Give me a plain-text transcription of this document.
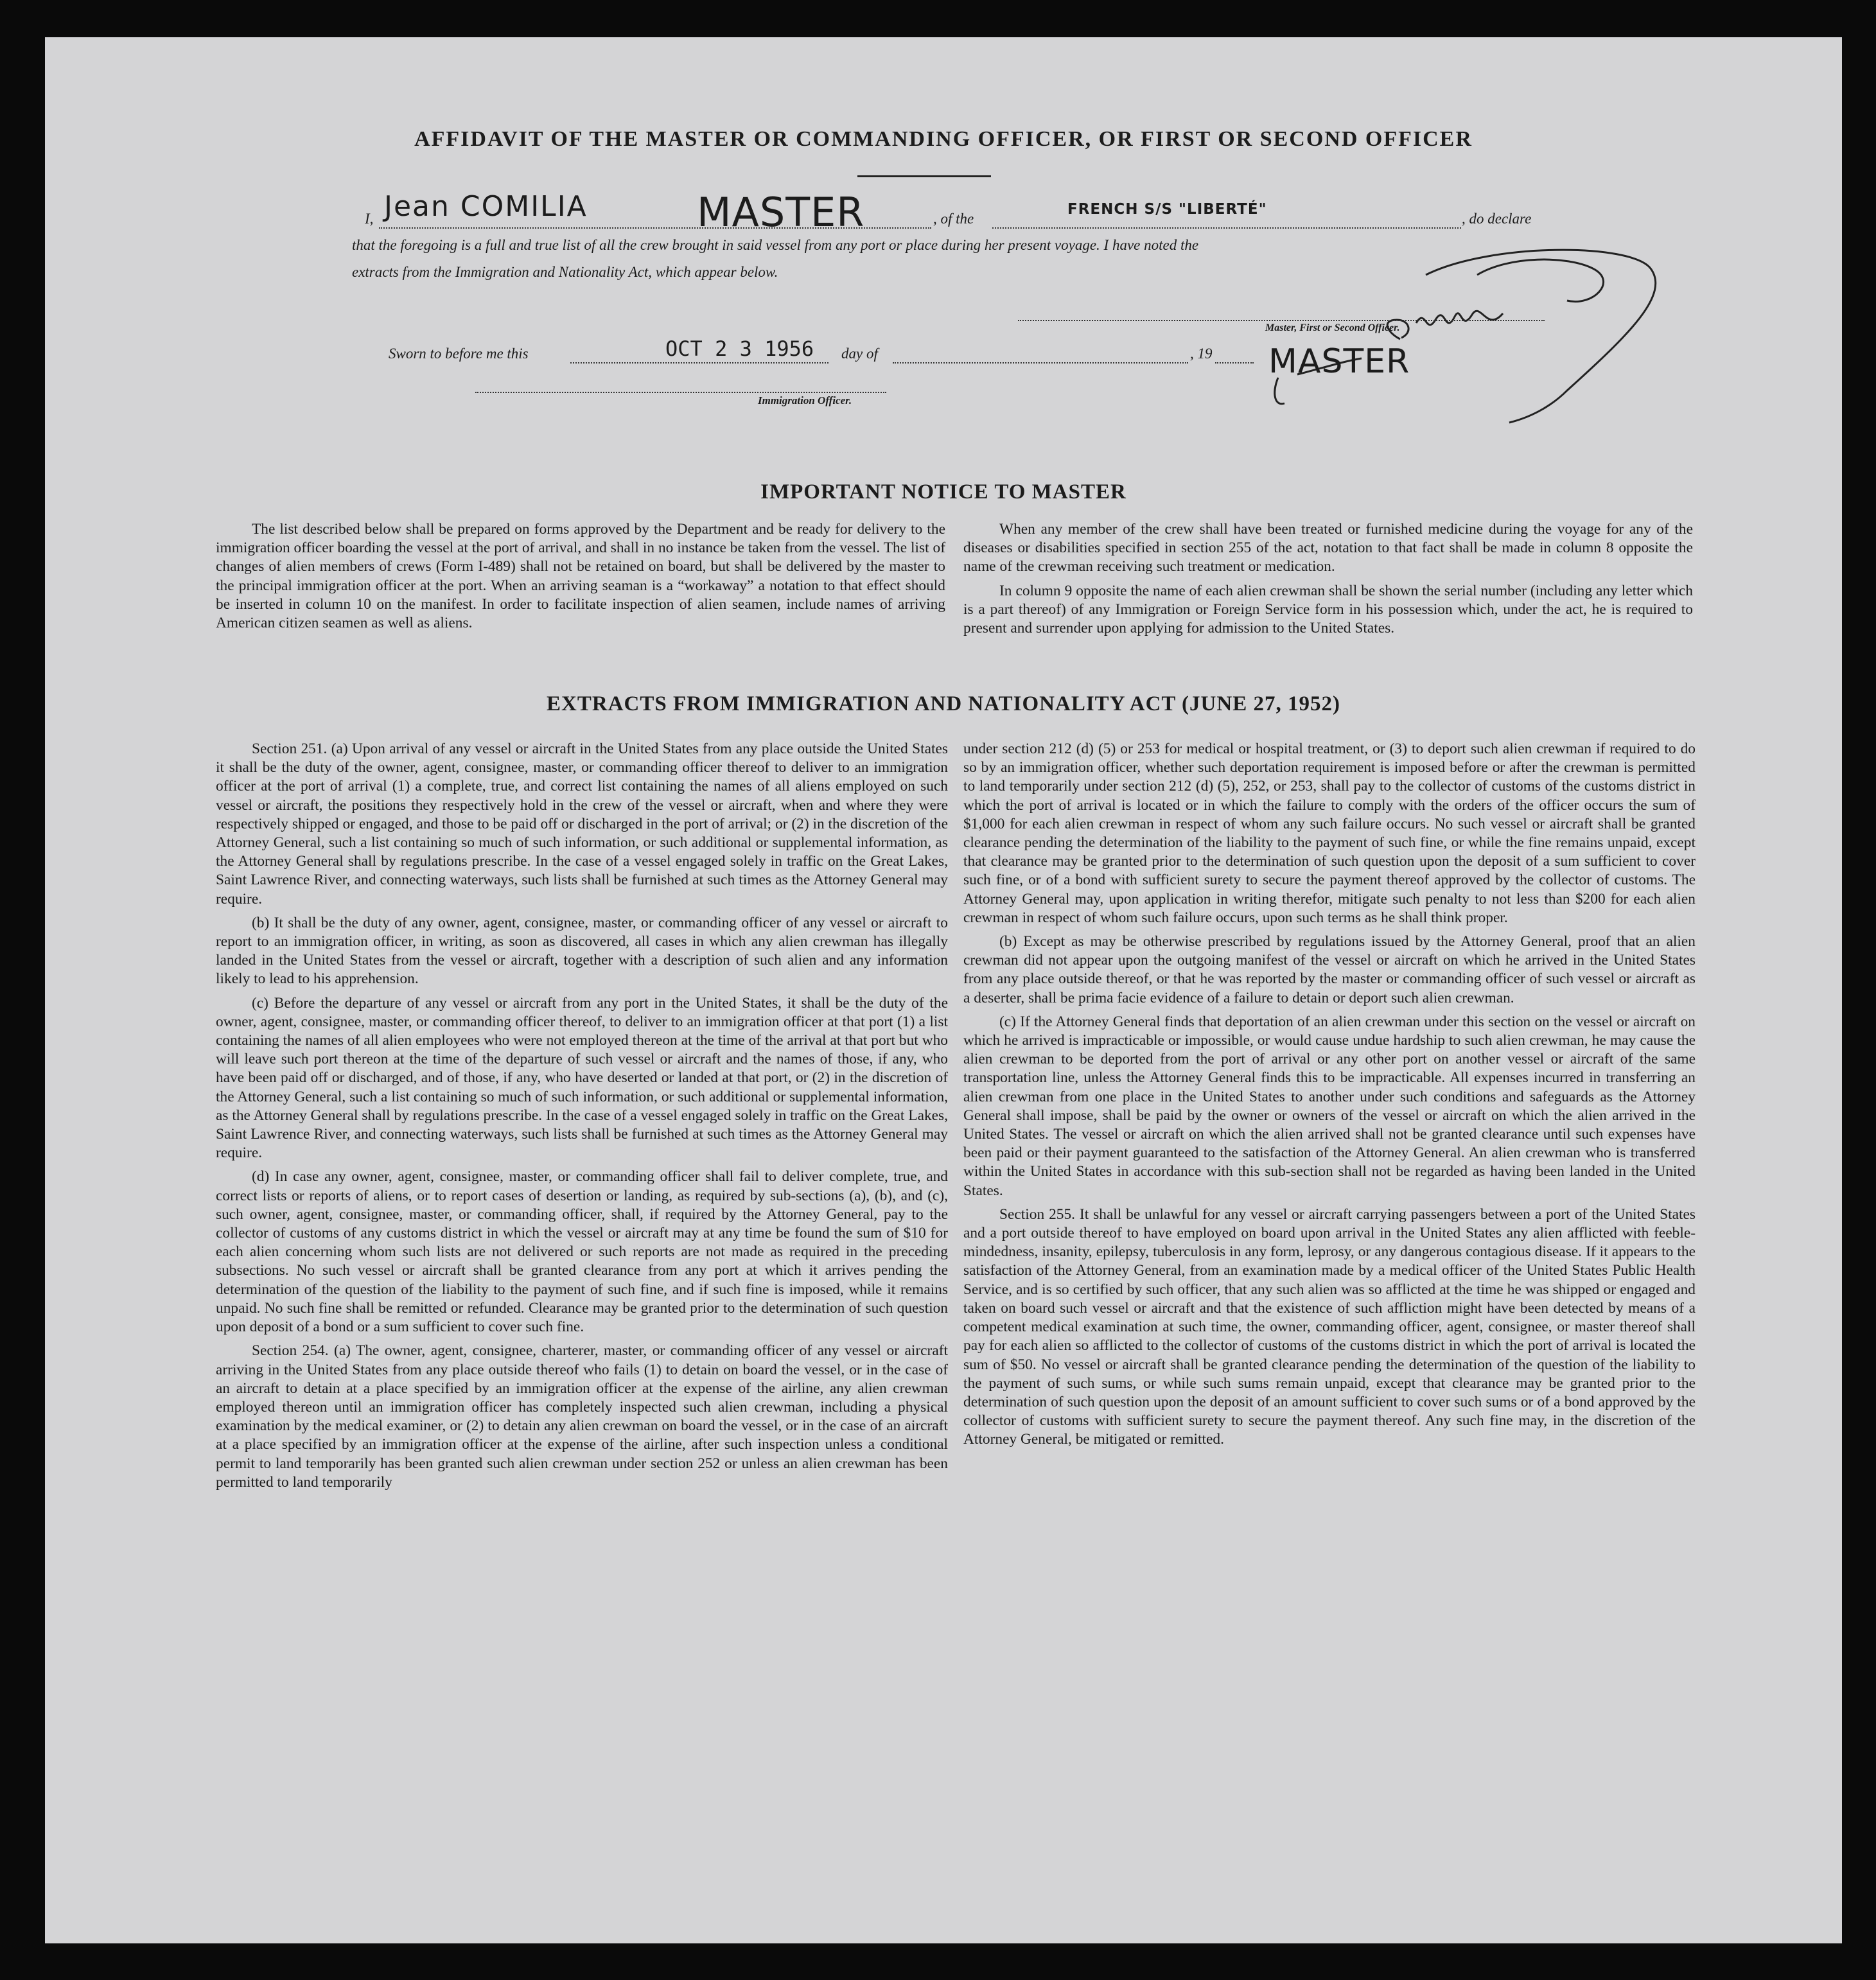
AFFIDAVIT OF THE MASTER OR COMMANDING OFFICER, OR FIRST OR SECOND OFFICER
I, Jean COMILIA	MASTER	, of the
FRENCH S/S "LIBERTÉ"
, do declare
that the foregoing is a full and true list of all the crew brought in said vessel from any port or place during her present voyage. I have noted the
extracts from the Immigration and Nationality Act, which appear below.
Master, First or Second Officer.
MASTER
Sworn to before me this	OCT 2 3 1956 day of	, 19
Immigration Officer.
IMPORTANT NOTICE TO MASTER

The list described below shall be prepared on forms approved by the Department and be ready for delivery to the immigration officer boarding the vessel at the port of arrival, and shall in no instance be taken from the vessel. The list of changes of alien members of crews (Form I-489) shall not be retained on board, but shall be delivered by the master to the principal immigration officer at the port. When an arriving seaman is a “workaway” a notation to that effect should be inserted in column 10 on the manifest. In order to facilitate inspection of alien seamen, include names of arriving American citizen seamen as well as aliens.

When any member of the crew shall have been treated or furnished medicine during the voyage for any of the diseases or disabilities specified in section 255 of the act, notation to that fact shall be made in column 8 opposite the name of the crewman receiving such treatment or medication.

In column 9 opposite the name of each alien crewman shall be shown the serial number (including any letter which is a part thereof) of any Immigration or Foreign Service form in his possession which, under the act, he is required to present and surrender upon applying for admission to the United States.

EXTRACTS FROM IMMIGRATION AND NATIONALITY ACT (JUNE 27, 1952)

Section 251. (a) Upon arrival of any vessel or aircraft in the United States from any place outside the United States it shall be the duty of the owner, agent, consignee, master, or commanding officer thereof to deliver to an immigration officer at the port of arrival (1) a complete, true, and correct list containing the names of all aliens employed on such vessel or aircraft, the positions they respectively hold in the crew of the vessel or aircraft, when and where they were respectively shipped or engaged, and those to be paid off or discharged in the port of arrival; or (2) in the discretion of the Attorney General, such a list containing so much of such information, or such additional or supplemental information, as the Attorney General shall by regulations prescribe. In the case of a vessel engaged solely in traffic on the Great Lakes, Saint Lawrence River, and connecting waterways, such lists shall be furnished at such times as the Attorney General may require.

(b) It shall be the duty of any owner, agent, consignee, master, or commanding officer of any vessel or aircraft to report to an immigration officer, in writing, as soon as discovered, all cases in which any alien crewman has illegally landed in the United States from the vessel or aircraft, together with a description of such alien and any information likely to lead to his apprehension.

(c) Before the departure of any vessel or aircraft from any port in the United States, it shall be the duty of the owner, agent, consignee, master, or commanding officer thereof, to deliver to an immigration officer at that port (1) a list containing the names of all alien employees who were not employed thereon at the time of the arrival at that port but who will leave such port thereon at the time of the departure of such vessel or aircraft and the names of those, if any, who have been paid off or discharged, and of those, if any, who have deserted or landed at that port, or (2) in the discretion of the Attorney General, such a list containing so much of such information, or such additional or supplemental information, as the Attorney General shall by regulations prescribe. In the case of a vessel engaged solely in traffic on the Great Lakes, Saint Lawrence River, and connecting waterways, such lists shall be furnished at such times as the Attorney General may require.

(d) In case any owner, agent, consignee, master, or commanding officer shall fail to deliver complete, true, and correct lists or reports of aliens, or to report cases of desertion or landing, as required by sub-sections (a), (b), and (c), such owner, agent, consignee, master, or commanding officer, shall, if required by the Attorney General, pay to the collector of customs of any customs district in which the vessel or aircraft may at any time be found the sum of $10 for each alien concerning whom such lists are not delivered or such reports are not made as required in the preceding subsections. No such vessel or aircraft shall be granted clearance from any port at which it arrives pending the determination of the question of the liability to the payment of such fine, and if such fine is imposed, while it remains unpaid. No such fine shall be remitted or refunded. Clearance may be granted prior to the determination of such question upon deposit of a bond or a sum sufficient to cover such fine.

Section 254. (a) The owner, agent, consignee, charterer, master, or commanding officer of any vessel or aircraft arriving in the United States from any place outside thereof who fails (1) to detain on board the vessel, or in the case of an aircraft to detain at a place specified by an immigration officer at the expense of the airline, any alien crewman employed thereon until an immigration officer has completely inspected such alien crewman, including a physical examination by the medical examiner, or (2) to detain any alien crewman on board the vessel, or in the case of an aircraft at a place specified by an immigration officer at the expense of the airline, after such inspection unless a conditional permit to land temporarily has been granted such alien crewman under section 252 or unless an alien crewman has been permitted to land temporarily

under section 212 (d) (5) or 253 for medical or hospital treatment, or (3) to deport such alien crewman if required to do so by an immigration officer, whether such deportation requirement is imposed before or after the crewman is permitted to land temporarily under section 212 (d) (5), 252, or 253, shall pay to the collector of customs of the customs district in which the port of arrival is located or in which the failure to comply with the orders of the officer occurs the sum of $1,000 for each alien crewman in respect of whom any such failure occurs. No such vessel or aircraft shall be granted clearance pending the determination of the liability to the payment of such fine, or while the fine remains unpaid, except that clearance may be granted prior to the determination of such question upon the deposit of a sum sufficient to cover such fine, or of a bond with sufficient surety to secure the payment thereof approved by the collector of customs. The Attorney General may, upon application in writing therefor, mitigate such penalty to not less than $200 for each alien crewman in respect of whom such failure occurs, upon such terms as he shall think proper.

(b) Except as may be otherwise prescribed by regulations issued by the Attorney General, proof that an alien crewman did not appear upon the outgoing manifest of the vessel or aircraft on which he arrived in the United States from any place outside thereof, or that he was reported by the master or commanding officer of such vessel or aircraft as a deserter, shall be prima facie evidence of a failure to detain or deport such alien crewman.

(c) If the Attorney General finds that deportation of an alien crewman under this section on the vessel or aircraft on which he arrived is impracticable or impossible, or would cause undue hardship to such alien crewman, he may cause the alien crewman to be deported from the port of arrival or any other port on another vessel or aircraft of the same transportation line, unless the Attorney General finds this to be impracticable. All expenses incurred in transferring an alien crewman from one place in the United States to another under such conditions and safeguards as the Attorney General shall impose, shall be paid by the owner or owners of the vessel or aircraft on which the alien arrived in the United States. The vessel or aircraft on which the alien arrived shall not be granted clearance until such expenses have been paid or their payment guaranteed to the satisfaction of the Attorney General. An alien crewman who is transferred within the United States in accordance with this sub-section shall not be regarded as having been landed in the United States.

Section 255. It shall be unlawful for any vessel or aircraft carrying passengers between a port of the United States and a port outside thereof to have employed on board upon arrival in the United States any alien afflicted with feeble-mindedness, insanity, epilepsy, tuberculosis in any form, leprosy, or any dangerous contagious disease. If it appears to the satisfaction of the Attorney General, from an examination made by a medical officer of the United States Public Health Service, and is so certified by such officer, that any such alien was so afflicted at the time he was shipped or engaged and taken on board such vessel or aircraft and that the existence of such affliction might have been detected by means of a competent medical examination at such time, the owner, commanding officer, agent, consignee, or master thereof shall pay for each alien so afflicted to the collector of customs of the customs district in which the port of arrival is located the sum of $50. No vessel or aircraft shall be granted clearance pending the determination of the question of the liability to the payment of such sums, or while such sums remain unpaid, except that clearance may be granted prior to the determination of such question upon the deposit of an amount sufficient to cover such sums or of a bond approved by the collector of customs with sufficient surety to secure the payment thereof. Any such fine may, in the discretion of the Attorney General, be mitigated or remitted.
